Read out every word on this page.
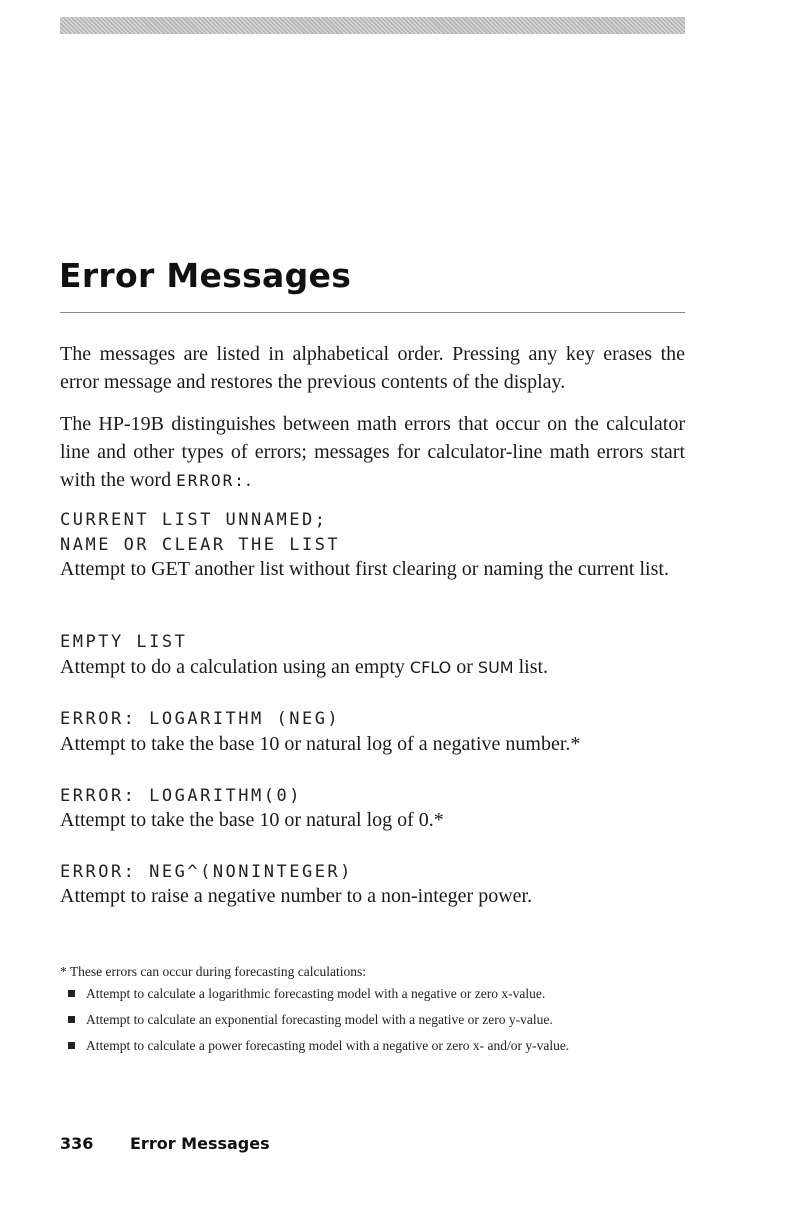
Error Messages

The messages are listed in alphabetical order. Pressing any key erases the error message and restores the previous contents of the display.

The HP-19B distinguishes between math errors that occur on the calculator line and other types of errors; messages for calculator-line math errors start with the word ERROR:.

CURRENT LIST UNNAMED;
NAME OR CLEAR THE LIST

Attempt to GET another list without first clearing or naming the current list.

EMPTY LIST

Attempt to do a calculation using an empty CFLO or SUM list.

ERROR: LOGARITHM (NEG)

Attempt to take the base 10 or natural log of a negative number.*

ERROR: LOGARITHM(0)

Attempt to take the base 10 or natural log of 0.*

ERROR: NEG^(NONINTEGER)

Attempt to raise a negative number to a non-integer power.

* These errors can occur during forecasting calculations:

Attempt to calculate a logarithmic forecasting model with a negative or zero x-value.
Attempt to calculate an exponential forecasting model with a negative or zero y-value.
Attempt to calculate a power forecasting model with a negative or zero x- and/or y-value.
336 Error Messages
